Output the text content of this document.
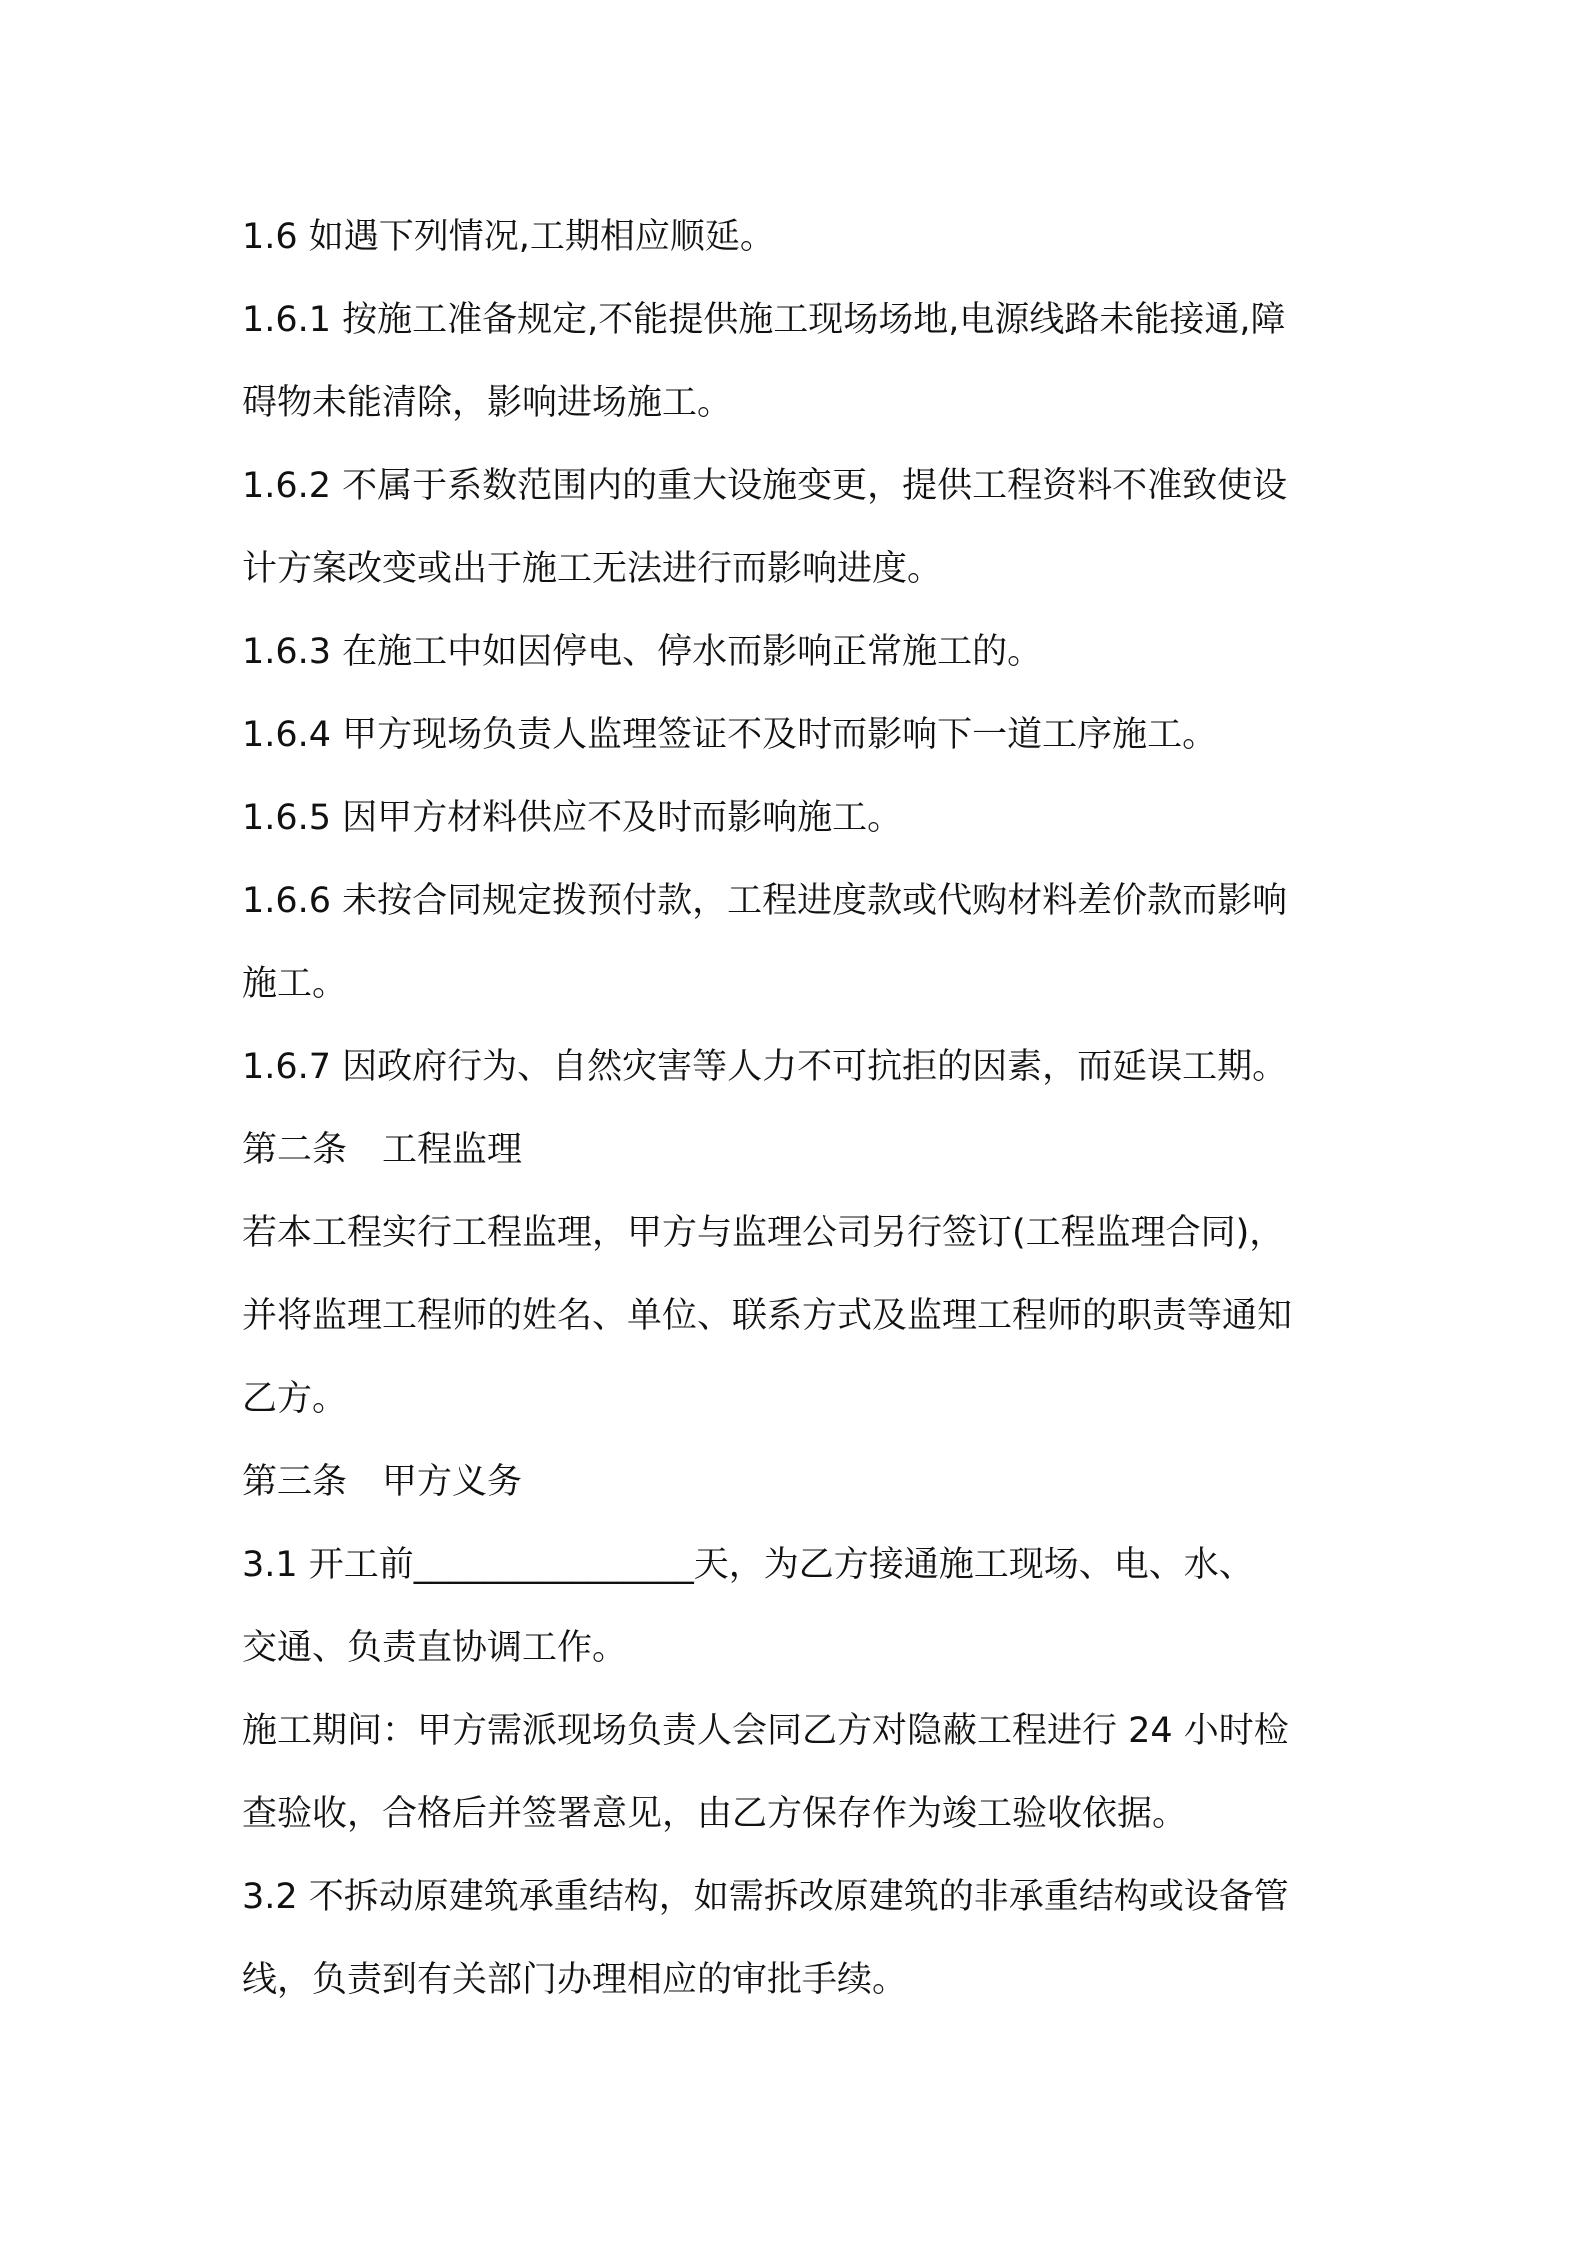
1.6 如遇下列情况,工期相应顺延。
1.6.1 按施工准备规定,不能提供施工现场场地,电源线路未能接通,障
碍物未能清除，影响进场施工。
1.6.2 不属于系数范围内的重大设施变更，提供工程资料不准致使设
计方案改变或出于施工无法进行而影响进度。
1.6.3 在施工中如因停电、停水而影响正常施工的。
1.6.4 甲方现场负责人监理签证不及时而影响下一道工序施工。
1.6.5 因甲方材料供应不及时而影响施工。
1.6.6 未按合同规定拨预付款，工程进度款或代购材料差价款而影响
施工。
1.6.7 因政府行为、自然灾害等人力不可抗拒的因素，而延误工期。
第二条　工程监理
若本工程实行工程监理，甲方与监理公司另行签订(工程监理合同)，
并将监理工程师的姓名、单位、联系方式及监理工程师的职责等通知
乙方。
第三条　甲方义务
3.1 开工前________________天，为乙方接通施工现场、电、水、
交通、负责直协调工作。
施工期间：甲方需派现场负责人会同乙方对隐蔽工程进行 24 小时检
查验收，合格后并签署意见，由乙方保存作为竣工验收依据。
3.2 不拆动原建筑承重结构，如需拆改原建筑的非承重结构或设备管
线，负责到有关部门办理相应的审批手续。
